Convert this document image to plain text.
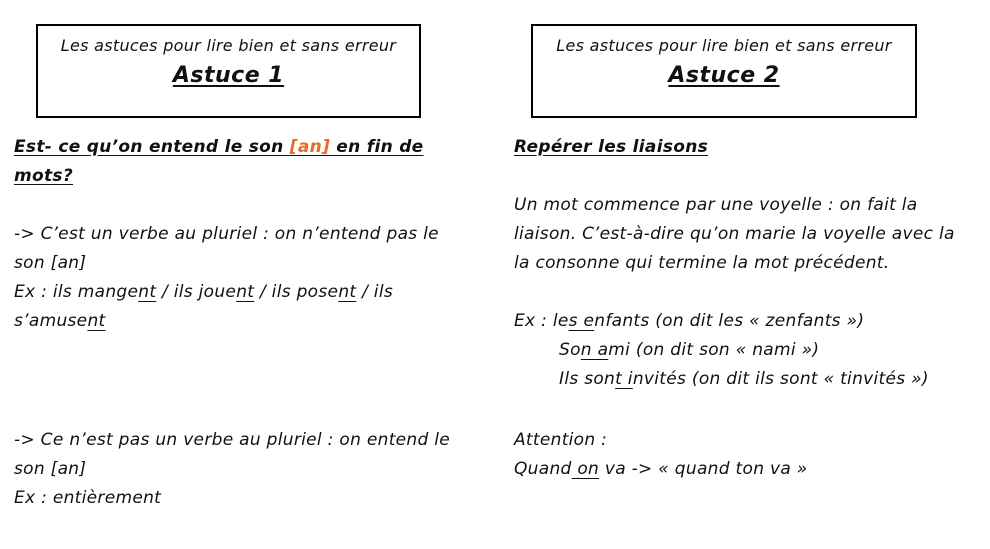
Les astuces pour lire bien et sans erreur
Astuce 1
Les astuces pour lire bien et sans erreur
Astuce 2

Est- ce qu’on entend le son [an] en fin de mots?

-> C’est un verbe au pluriel : on n’entend pas le

son [an]

Ex : ils mangent / ils jouent / ils posent / ils

s’amusent

-> Ce n’est pas un verbe au pluriel : on entend le

son [an]

Ex : entièrement

Repérer les liaisons

Un mot commence par une voyelle : on fait la

liaison. C’est-à-dire qu’on marie la voyelle avec la

la consonne qui termine la mot précédent.

Ex : les enfants (on dit les « zenfants »)

Son ami (on dit son « nami »)

Ils sont invités (on dit ils sont « tinvités »)

Attention :

Quand on va -> « quand ton va »
